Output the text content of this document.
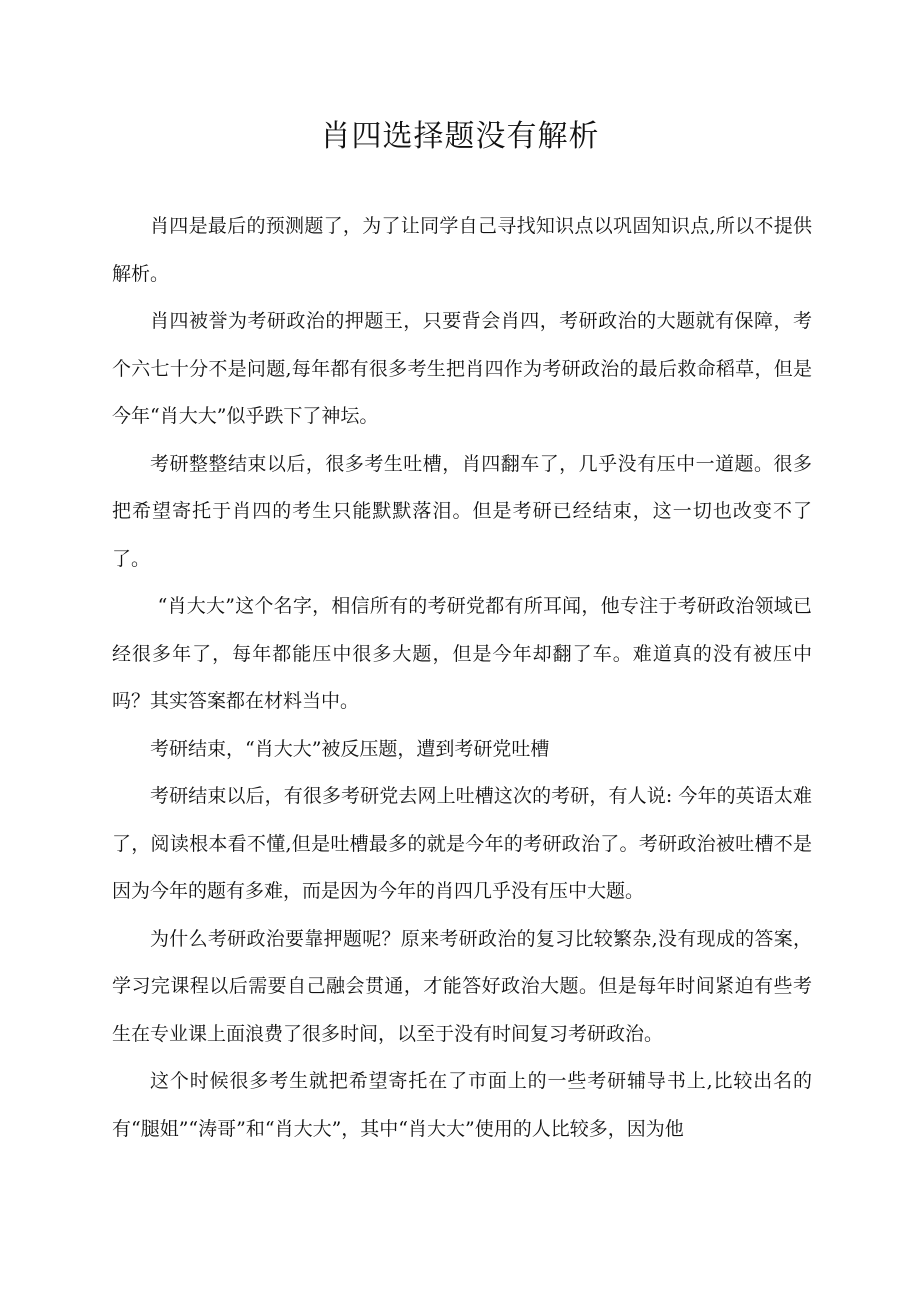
肖四选择题没有解析

肖四是最后的预测题了，为了让同学自己寻找知识点以巩固知识点,所以不提供解析。

肖四被誉为考研政治的押题王，只要背会肖四，考研政治的大题就有保障，考个六七十分不是问题,每年都有很多考生把肖四作为考研政治的最后救命稻草，但是今年“肖大大”似乎跌下了神坛。

考研整整结束以后，很多考生吐槽，肖四翻车了，几乎没有压中一道题。很多把希望寄托于肖四的考生只能默默落泪。但是考研已经结束，这一切也改变不了了。

“肖大大”这个名字，相信所有的考研党都有所耳闻，他专注于考研政治领域已经很多年了，每年都能压中很多大题，但是今年却翻了车。难道真的没有被压中吗？其实答案都在材料当中。

考研结束，“肖大大”被反压题，遭到考研党吐槽

考研结束以后，有很多考研党去网上吐槽这次的考研，有人说: 今年的英语太难了，阅读根本看不懂,但是吐槽最多的就是今年的考研政治了。考研政治被吐槽不是因为今年的题有多难，而是因为今年的肖四几乎没有压中大题。

为什么考研政治要靠押题呢？原来考研政治的复习比较繁杂,没有现成的答案，学习完课程以后需要自己融会贯通，才能答好政治大题。但是每年时间紧迫有些考生在专业课上面浪费了很多时间，以至于没有时间复习考研政治。

这个时候很多考生就把希望寄托在了市面上的一些考研辅导书上,比较出名的有“腿姐”“涛哥”和“肖大大”，其中“肖大大”使用的人比较多，因为他
